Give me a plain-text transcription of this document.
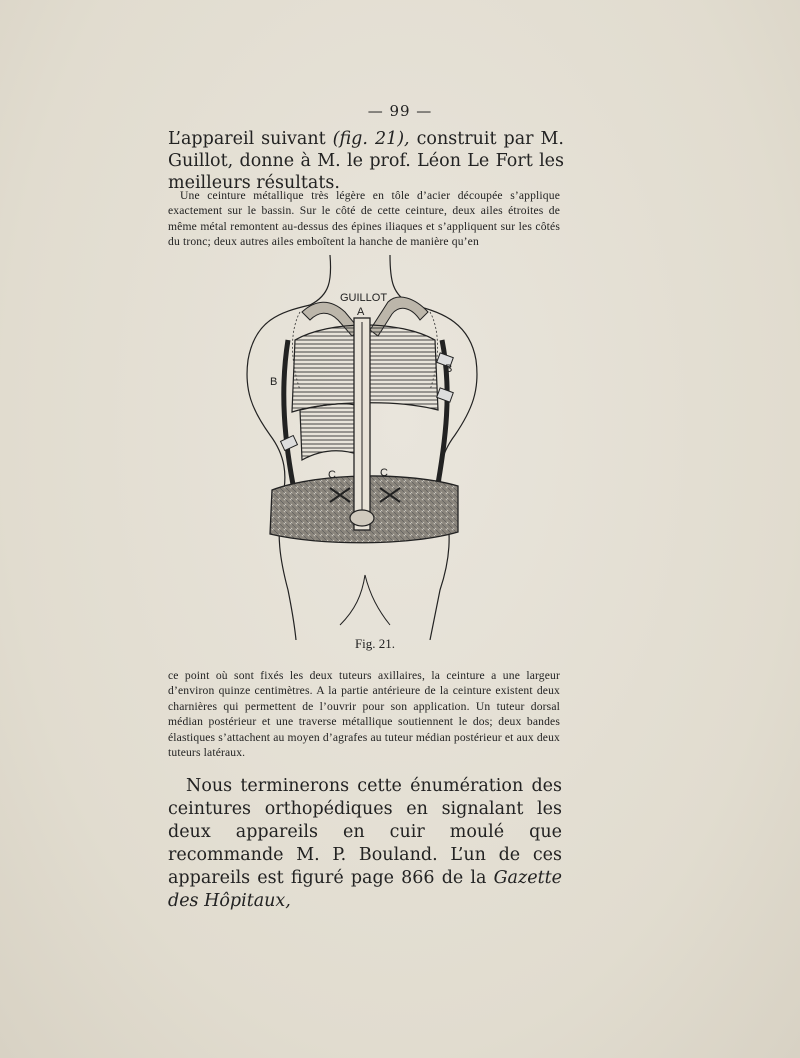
— 99 —

L’appareil suivant (fig. 21), construit par M. Guillot, donne à M. le prof. Léon Le Fort les meilleurs résultats.

Une ceinture métallique très légère en tôle d’acier découpée s’applique exactement sur le bassin. Sur le côté de cette ceinture, deux ailes étroites de même métal remontent au-dessus des épines iliaques et s’appliquent sur les côtés du tronc; deux autres ailes emboîtent la hanche de manière qu’en

GUILLOT
A
B
B
C	C
Fig. 21.

ce point où sont fixés les deux tuteurs axillaires, la ceinture a une largeur d’environ quinze centimètres. A la partie antérieure de la ceinture existent deux charnières qui permettent de l’ouvrir pour son application. Un tuteur dorsal médian postérieur et une traverse métallique soutiennent le dos; deux bandes élastiques s’attachent au moyen d’agrafes au tuteur médian postérieur et aux deux tuteurs latéraux.

Nous terminerons cette énumération des ceintures orthopédiques en signalant les deux appareils en cuir moulé que recommande M. P. Bouland. L’un de ces appareils est figuré page 866 de la Gazette des Hôpitaux,
